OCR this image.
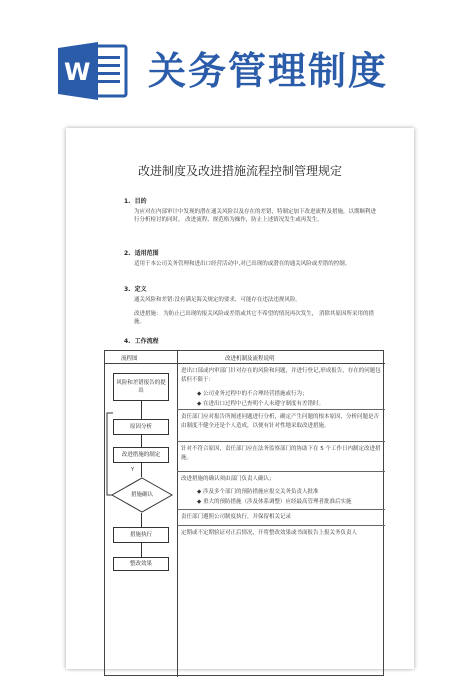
W 关务管理制度
改进制度及改进措施流程控制管理规定
1. 目的
为应对在内部审计中发现的潜在通关风险以及存在的差错，特制定加下改进流程及措施，以期顺利进行分析检讨的同时， 改进流程、规范格为操作，防止上述情况发生或再发生。
2. 适用范围
适用于本公司关务管理和进出口经营活动中,对已出现的或潜在的通关风险或差错的控制。
3. 定义
通关风险和差错:没有满足海关规定的要求，可能存在违法违规风险。
改进措施： 为防止已出现的报关风险或差错或其它不希望的情况再次发生， 消除其原因所采用的措施。
4. 工作流程
流程图	改进机制及流程说明
风险和差错报告的提出
原因分析
改进措施的制定
Y
措施确认
措施执行
整改效果
进出口部或内审部门针对存在的风险和问题，并进行登记,形成报告，存在的问题包括但不限于：
◆ 公司业务过程中的不合理经营措施或行为；
◆ 在进出口过程中已查明个人未遵守制度有差错时。
责任部门应对报告所阐述问题进行分析，确定产生问题的根本原因，分析问题是否由制度不健全还是个人造成，以便有针对性地采取改进措施。
针对不符合原因，责任部门应在法务监察部门的协助下在 5 个工作日内制定改进措施。
改进措施的确认须由部门负责人确认；
◆ 涉及多个部门的预防措施应报交关务负责人批准
◆ 重大的预防措施（涉及体系调整）应经最高管理者批准后实施
责任部门遵照公司制度执行，并保留相关记录
定期或不定期验证对正后情况，开将整改效果或书面报告上报关务负责人
